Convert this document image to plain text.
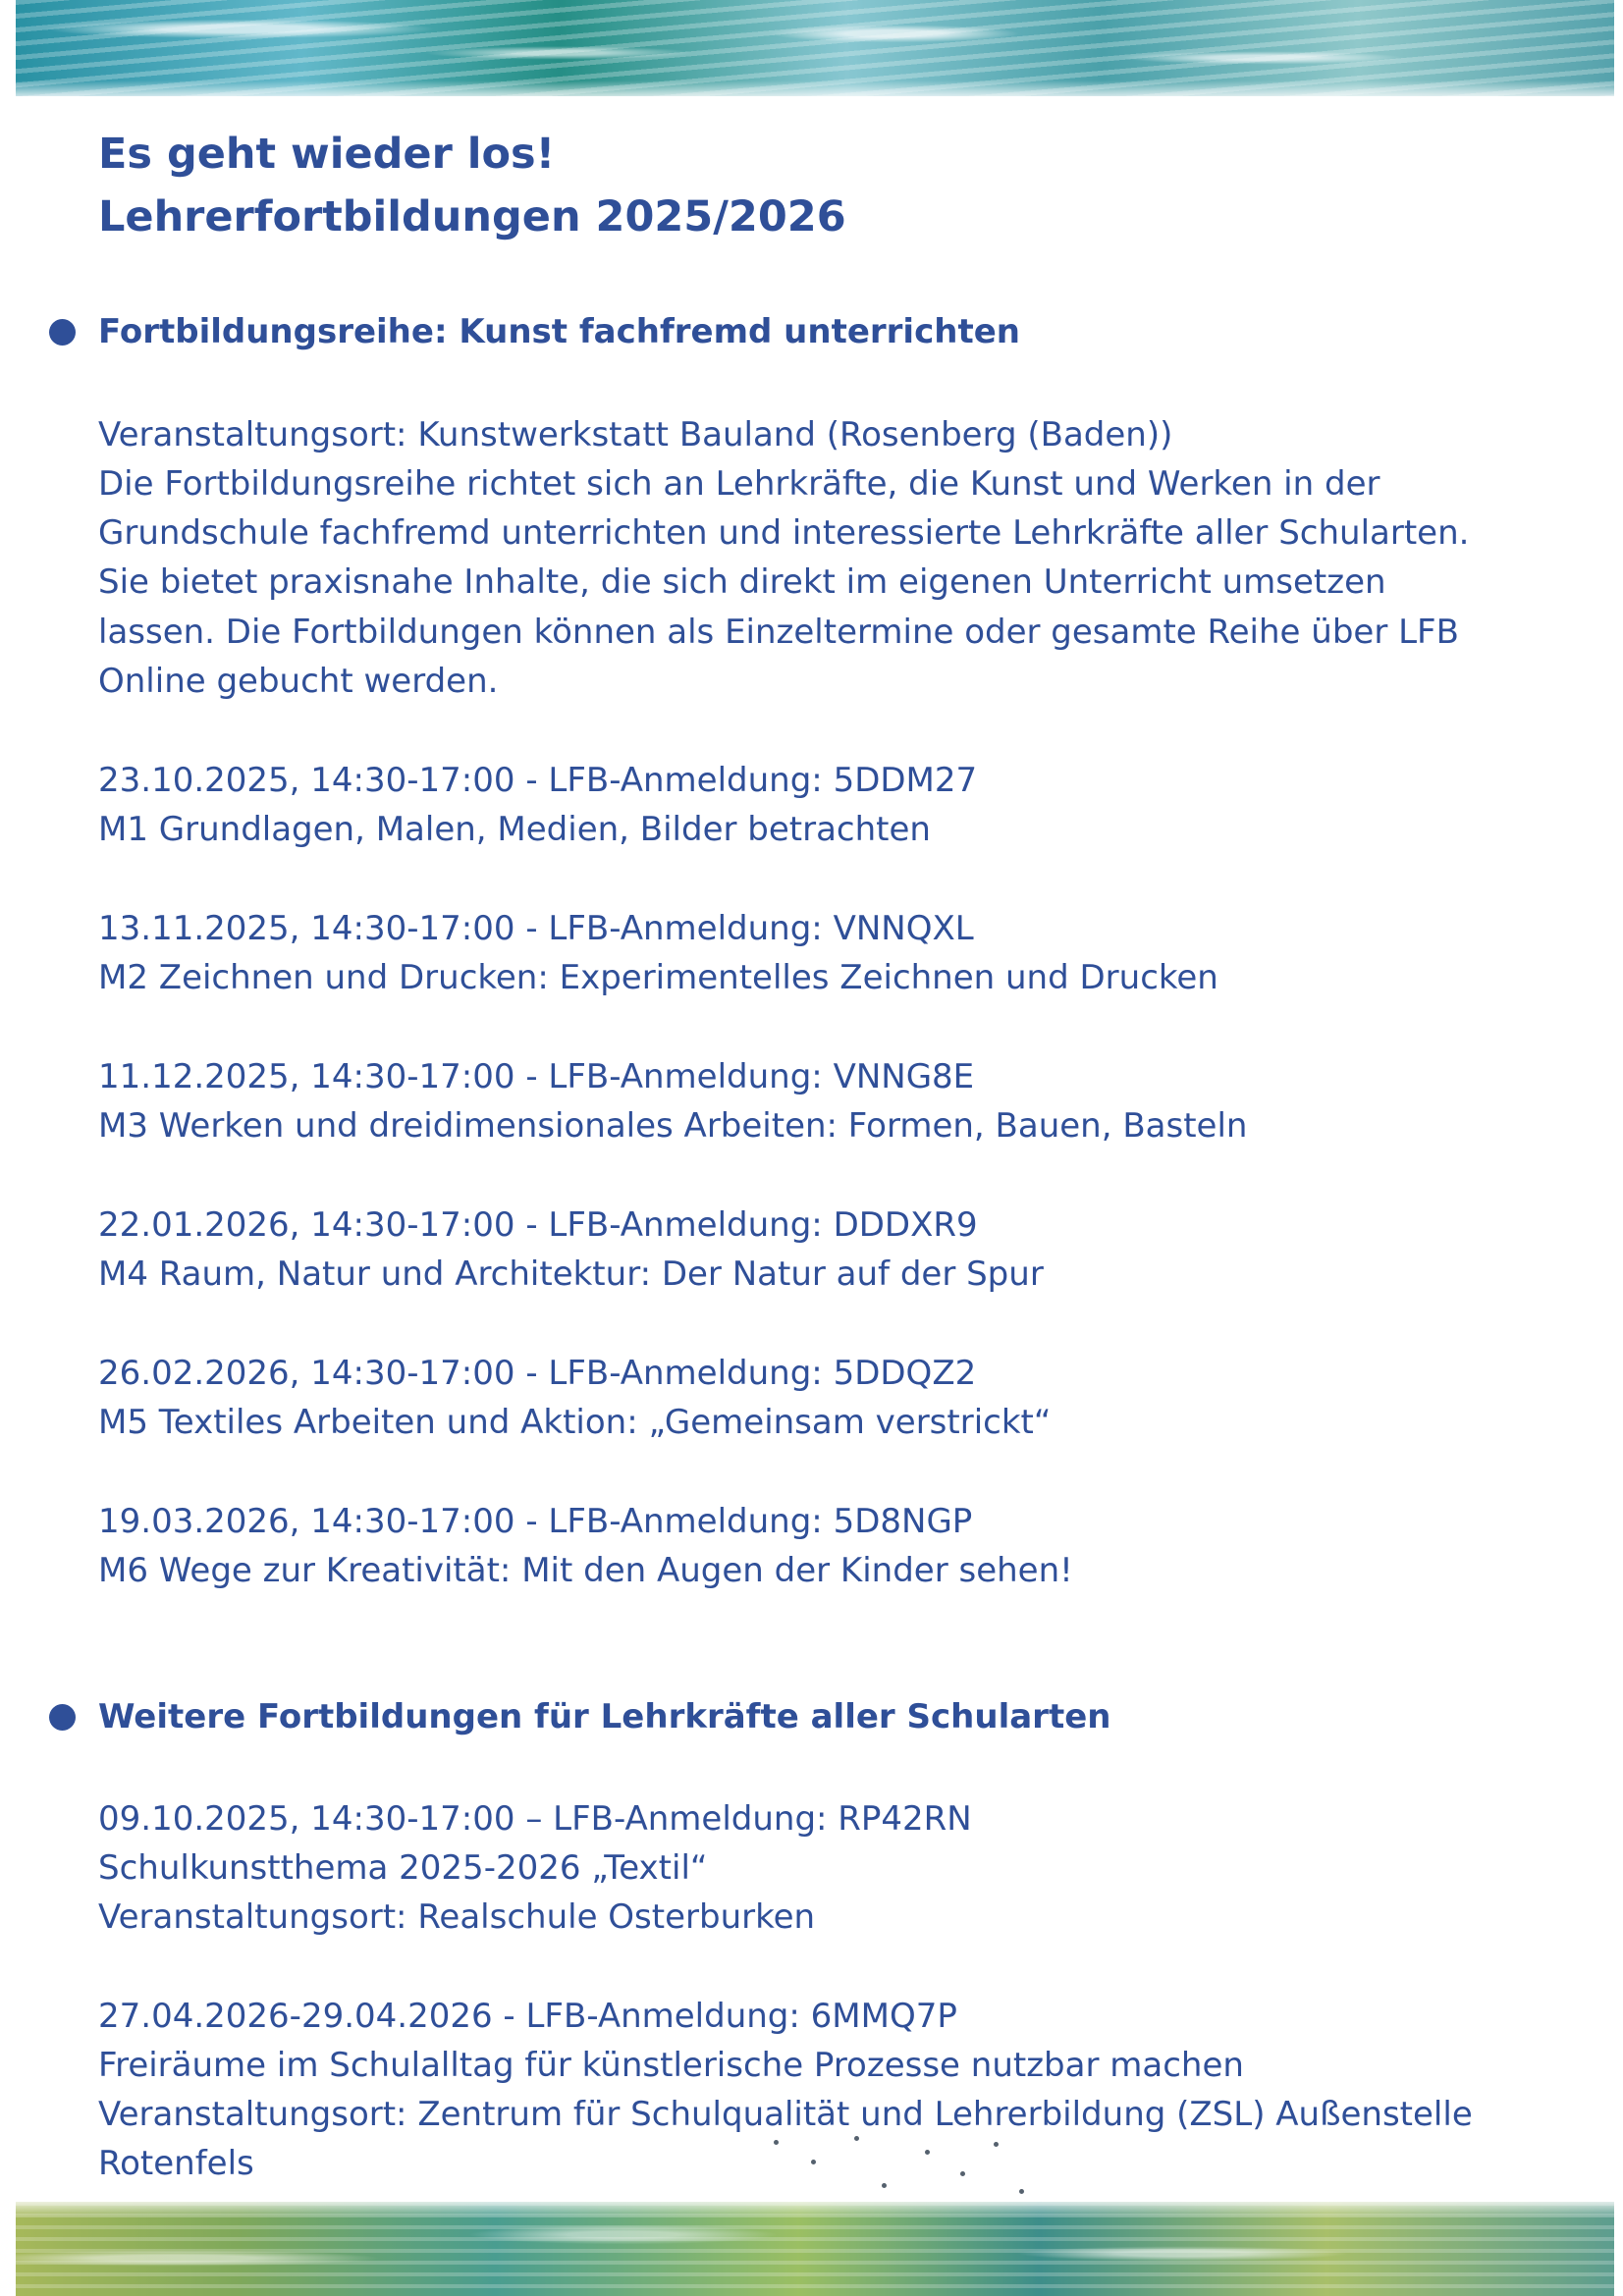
Es geht wieder los!
Lehrerfortbildungen 2025/2026
Fortbildungsreihe: Kunst fachfremd unterrichten
Veranstaltungsort: Kunstwerkstatt Bauland (Rosenberg (Baden))
Die Fortbildungsreihe richtet sich an Lehrkräfte, die Kunst und Werken in der
Grundschule fachfremd unterrichten und interessierte Lehrkräfte aller Schularten.
Sie bietet praxisnahe Inhalte, die sich direkt im eigenen Unterricht umsetzen
lassen. Die Fortbildungen können als Einzeltermine oder gesamte Reihe über LFB
Online gebucht werden.
23.10.2025, 14:30-17:00 - LFB-Anmeldung: 5DDM27
M1 Grundlagen, Malen, Medien, Bilder betrachten
13.11.2025, 14:30-17:00 - LFB-Anmeldung: VNNQXL
M2 Zeichnen und Drucken: Experimentelles Zeichnen und Drucken
11.12.2025, 14:30-17:00 - LFB-Anmeldung: VNNG8E
M3 Werken und dreidimensionales Arbeiten: Formen, Bauen, Basteln
22.01.2026, 14:30-17:00 - LFB-Anmeldung: DDDXR9
M4 Raum, Natur und Architektur: Der Natur auf der Spur
26.02.2026, 14:30-17:00 - LFB-Anmeldung: 5DDQZ2
M5 Textiles Arbeiten und Aktion: „Gemeinsam verstrickt“
19.03.2026, 14:30-17:00 - LFB-Anmeldung: 5D8NGP
M6 Wege zur Kreativität: Mit den Augen der Kinder sehen!
Weitere Fortbildungen für Lehrkräfte aller Schularten
09.10.2025, 14:30-17:00 – LFB-Anmeldung: RP42RN
Schulkunstthema 2025-2026 „Textil“
Veranstaltungsort: Realschule Osterburken
27.04.2026-29.04.2026 - LFB-Anmeldung: 6MMQ7P
Freiräume im Schulalltag für künstlerische Prozesse nutzbar machen
Veranstaltungsort: Zentrum für Schulqualität und Lehrerbildung (ZSL) Außenstelle
Rotenfels
